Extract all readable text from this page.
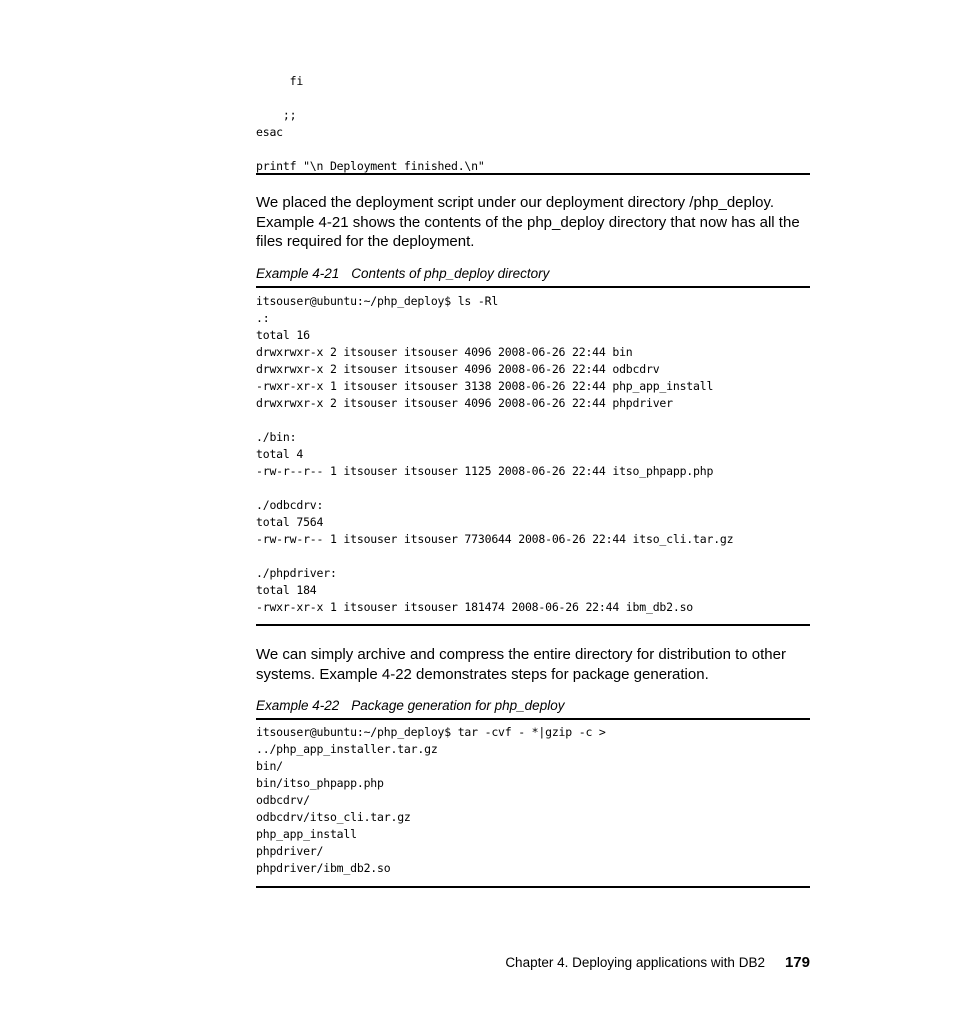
fi
;;
esac
printf "\n Deployment finished.\n"

We placed the deployment script under our deployment directory /php_deploy. Example 4-21 shows the contents of the php_deploy directory that now has all the files required for the deployment.

Example 4-21 Contents of php_deploy directory

itsouser@ubuntu:~/php_deploy$ ls -Rl
.:
total 16
drwxrwxr-x 2 itsouser itsouser 4096 2008-06-26 22:44 bin
drwxrwxr-x 2 itsouser itsouser 4096 2008-06-26 22:44 odbcdrv
-rwxr-xr-x 1 itsouser itsouser 3138 2008-06-26 22:44 php_app_install
drwxrwxr-x 2 itsouser itsouser 4096 2008-06-26 22:44 phpdriver
./bin:
total 4
-rw-r--r-- 1 itsouser itsouser 1125 2008-06-26 22:44 itso_phpapp.php
./odbcdrv:
total 7564
-rw-rw-r-- 1 itsouser itsouser 7730644 2008-06-26 22:44 itso_cli.tar.gz
./phpdriver:
total 184
-rwxr-xr-x 1 itsouser itsouser 181474 2008-06-26 22:44 ibm_db2.so

We can simply archive and compress the entire directory for distribution to other systems. Example 4-22 demonstrates steps for package generation.

Example 4-22 Package generation for php_deploy

itsouser@ubuntu:~/php_deploy$ tar -cvf - *|gzip -c >
../php_app_installer.tar.gz
bin/
bin/itso_phpapp.php
odbcdrv/
odbcdrv/itso_cli.tar.gz
php_app_install
phpdriver/
phpdriver/ibm_db2.so
Chapter 4. Deploying applications with DB2 179
